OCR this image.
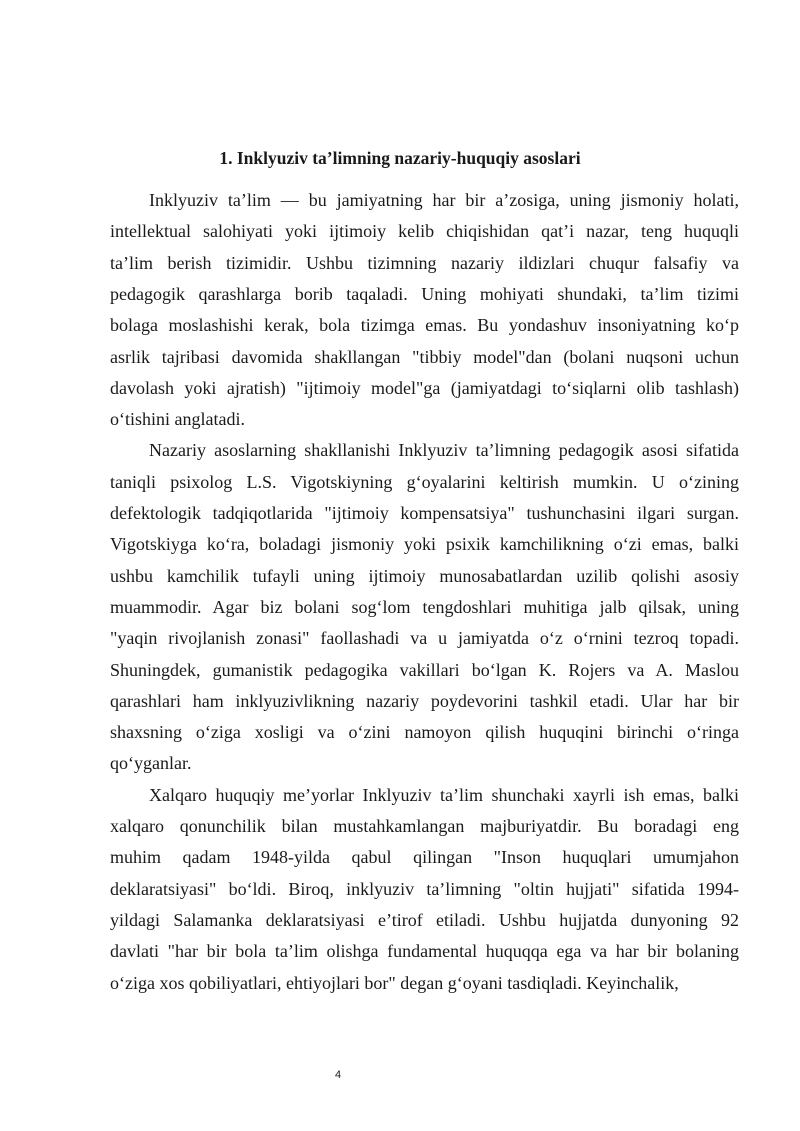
1. Inklyuziv ta’limning nazariy-huquqiy asoslari
Inklyuziv ta’lim — bu jamiyatning har bir a’zosiga, uning jismoniy holati,
intellektual salohiyati yoki ijtimoiy kelib chiqishidan qat’i nazar, teng huquqli
ta’lim berish tizimidir. Ushbu tizimning nazariy ildizlari chuqur falsafiy va
pedagogik qarashlarga borib taqaladi. Uning mohiyati shundaki, ta’lim tizimi
bolaga moslashishi kerak, bola tizimga emas. Bu yondashuv insoniyatning ko‘p
asrlik tajribasi davomida shakllangan "tibbiy model"dan (bolani nuqsoni uchun
davolash yoki ajratish) "ijtimoiy model"ga (jamiyatdagi to‘siqlarni olib tashlash)
o‘tishini anglatadi.
Nazariy asoslarning shakllanishi Inklyuziv ta’limning pedagogik asosi sifatida
taniqli psixolog L.S. Vigotskiyning g‘oyalarini keltirish mumkin. U o‘zining
defektologik tadqiqotlarida "ijtimoiy kompensatsiya" tushunchasini ilgari surgan.
Vigotskiyga ko‘ra, boladagi jismoniy yoki psixik kamchilikning o‘zi emas, balki
ushbu kamchilik tufayli uning ijtimoiy munosabatlardan uzilib qolishi asosiy
muammodir. Agar biz bolani sog‘lom tengdoshlari muhitiga jalb qilsak, uning
"yaqin rivojlanish zonasi" faollashadi va u jamiyatda o‘z o‘rnini tezroq topadi.
Shuningdek, gumanistik pedagogika vakillari bo‘lgan K. Rojers va A. Maslou
qarashlari ham inklyuzivlikning nazariy poydevorini tashkil etadi. Ular har bir
shaxsning o‘ziga xosligi va o‘zini namoyon qilish huquqini birinchi o‘ringa
qo‘yganlar.
Xalqaro huquqiy me’yorlar Inklyuziv ta’lim shunchaki xayrli ish emas, balki
xalqaro qonunchilik bilan mustahkamlangan majburiyatdir. Bu boradagi eng
muhim qadam 1948-yilda qabul qilingan "Inson huquqlari umumjahon
deklaratsiyasi" bo‘ldi. Biroq, inklyuziv ta’limning "oltin hujjati" sifatida 1994-
yildagi Salamanka deklaratsiyasi e’tirof etiladi. Ushbu hujjatda dunyoning 92
davlati "har bir bola ta’lim olishga fundamental huquqqa ega va har bir bolaning
o‘ziga xos qobiliyatlari, ehtiyojlari bor" degan g‘oyani tasdiqladi. Keyinchalik,
4
